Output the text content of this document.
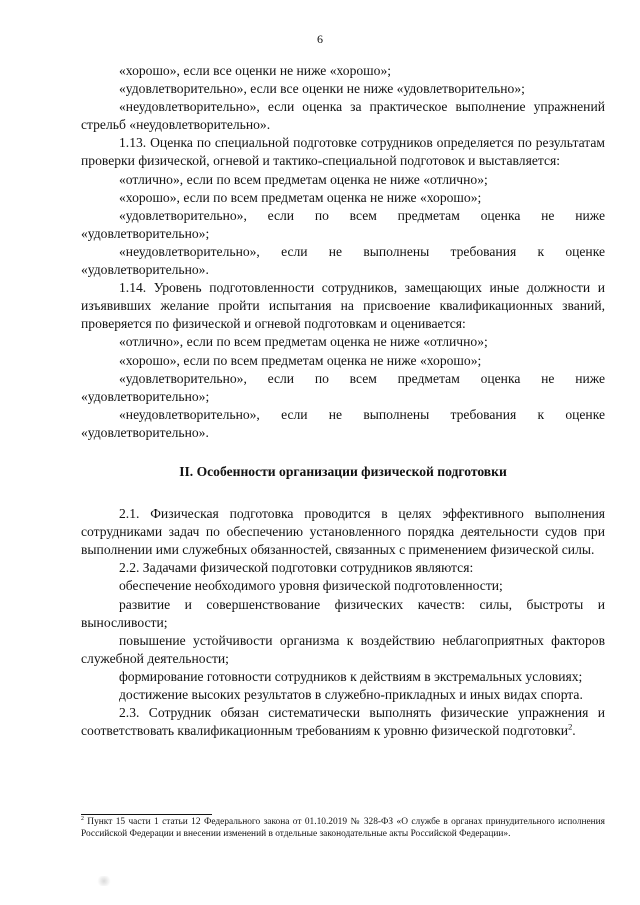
6

«хорошо», если все оценки не ниже «хорошо»;

«удовлетворительно», если все оценки не ниже «удовлетворительно»;

«неудовлетворительно», если оценка за практическое выполнение упражнений стрельб «неудовлетворительно».

1.13. Оценка по специальной подготовке сотрудников определяется по результатам проверки физической, огневой и тактико-специальной подготовок и выставляется:

«отлично», если по всем предметам оценка не ниже «отлично»;

«хорошо», если по всем предметам оценка не ниже «хорошо»;

«удовлетворительно», если по всем предметам оценка не ниже «удовлетворительно»;

«неудовлетворительно», если не выполнены требования к оценке «удовлетворительно».

1.14. Уровень подготовленности сотрудников, замещающих иные должности и изъявивших желание пройти испытания на присвоение квалификационных званий, проверяется по физической и огневой подготовкам и оценивается:

«отлично», если по всем предметам оценка не ниже «отлично»;

«хорошо», если по всем предметам оценка не ниже «хорошо»;

«удовлетворительно», если по всем предметам оценка не ниже «удовлетворительно»;

«неудовлетворительно», если не выполнены требования к оценке «удовлетворительно».

II. Особенности организации физической подготовки

2.1. Физическая подготовка проводится в целях эффективного выполнения сотрудниками задач по обеспечению установленного порядка деятельности судов при выполнении ими служебных обязанностей, связанных с применением физической силы.

2.2. Задачами физической подготовки сотрудников являются:

обеспечение необходимого уровня физической подготовленности;

развитие и совершенствование физических качеств: силы, быстроты и выносливости;

повышение устойчивости организма к воздействию неблагоприятных факторов служебной деятельности;

формирование готовности сотрудников к действиям в экстремальных условиях;

достижение высоких результатов в служебно-прикладных и иных видах спорта.

2.3. Сотрудник обязан систематически выполнять физические упражнения и соответствовать квалификационным требованиям к уровню физической подготовки$^2$.

$^2$ Пункт 15 части 1 статьи 12 Федерального закона от 01.10.2019 № 328-ФЗ «О службе в органах принудительного исполнения Российской Федерации и внесении изменений в отдельные законодательные акты Российской Федерации».
